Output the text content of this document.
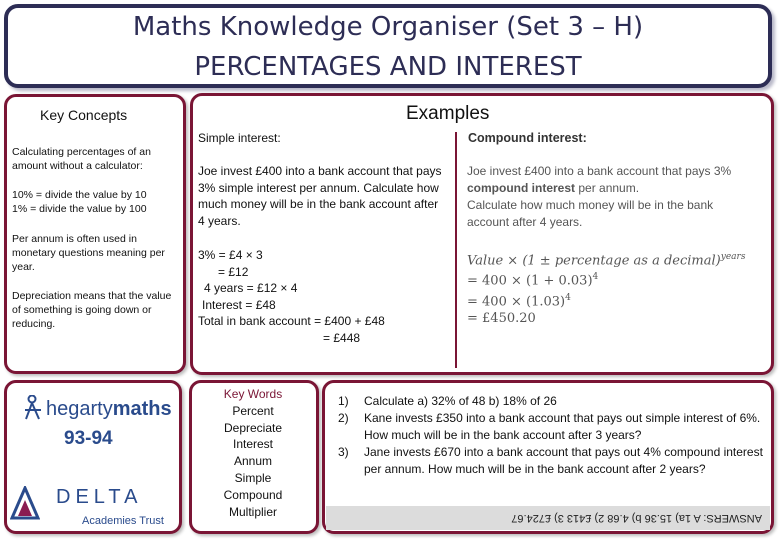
Maths Knowledge Organiser (Set 3 – H)
PERCENTAGES AND INTEREST
Key Concepts
Calculating percentages of an amount without a calculator:
10% = divide the value by 10
1% = divide the value by 100
Per annum is often used in monetary questions meaning per year.
Depreciation means that the value of something is going down or reducing.
Examples
Simple interest:
Joe invest £400 into a bank account that pays 3% simple interest per annum. Calculate how much money will be in the bank account after 4 years.
3% = £4 × 3
= £12
4 years = £12 × 4
Interest = £48
Total in bank account = £400 + £48
= £448
Compound interest:
Joe invest £400 into a bank account that pays 3%
compound interest per annum.
Calculate how much money will be in the bank
account after 4 years.
Value × (1 ± percentage as a decimal)$^{years}$
= $400 \times (1 + 0.03)^4$
= $400 \times (1.03)^4$
= £450.20
hegartymaths
93-94
DELTA
Academies Trust
Key Words
Percent
Depreciate
Interest
Annum
Simple
Compound
Multiplier
1)	Calculate a) 32% of 48 b) 18% of 26
2)	Kane invests £350 into a bank account that pays out simple interest of 6%. How much will be in the bank account after 3 years?
3)	Jane invests £670 into a bank account that pays out 4% compound interest per annum. How much will be in the bank account after 2 years?
ANSWERS: A 1a) 15.36 b) 4.68 2) £413 3) £724.67
